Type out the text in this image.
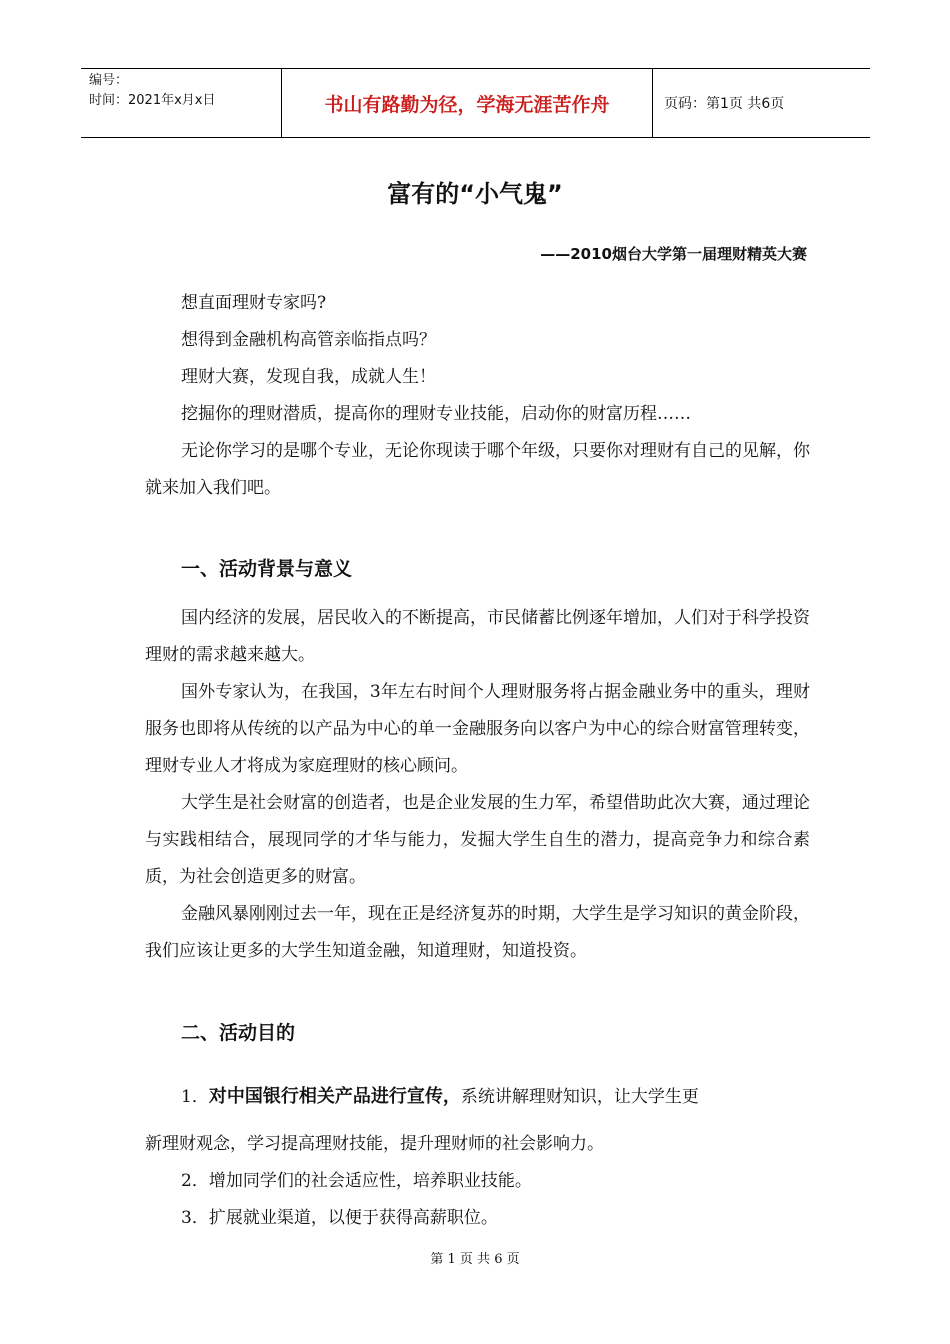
编号：
时间：2021年x月x日	书山有路勤为径，学海无涯苦作舟	页码：第1页 共6页
富有的“小气鬼”
——2010烟台大学第一届理财精英大赛

想直面理财专家吗?

想得到金融机构高管亲临指点吗？

理财大赛，发现自我，成就人生！

挖掘你的理财潜质，提高你的理财专业技能，启动你的财富历程……

无论你学习的是哪个专业，无论你现读于哪个年级，只要你对理财有自己的见解，你就来加入我们吧。

一、活动背景与意义

国内经济的发展，居民收入的不断提高，市民储蓄比例逐年增加，人们对于科学投资理财的需求越来越大。

国外专家认为，在我国，3年左右时间个人理财服务将占据金融业务中的重头，理财服务也即将从传统的以产品为中心的单一金融服务向以客户为中心的综合财富管理转变，理财专业人才将成为家庭理财的核心顾问。

大学生是社会财富的创造者，也是企业发展的生力军，希望借助此次大赛，通过理论与实践相结合，展现同学的才华与能力，发掘大学生自生的潜力，提高竞争力和综合素质，为社会创造更多的财富。

金融风暴刚刚过去一年，现在正是经济复苏的时期，大学生是学习知识的黄金阶段，我们应该让更多的大学生知道金融，知道理财，知道投资。

二、活动目的
1．对中国银行相关产品进行宣传，系统讲解理财知识，让大学生更

新理财观念，学习提高理财技能，提升理财师的社会影响力。

2．增加同学们的社会适应性，培养职业技能。

3．扩展就业渠道，以便于获得高薪职位。

第 1 页 共 6 页
